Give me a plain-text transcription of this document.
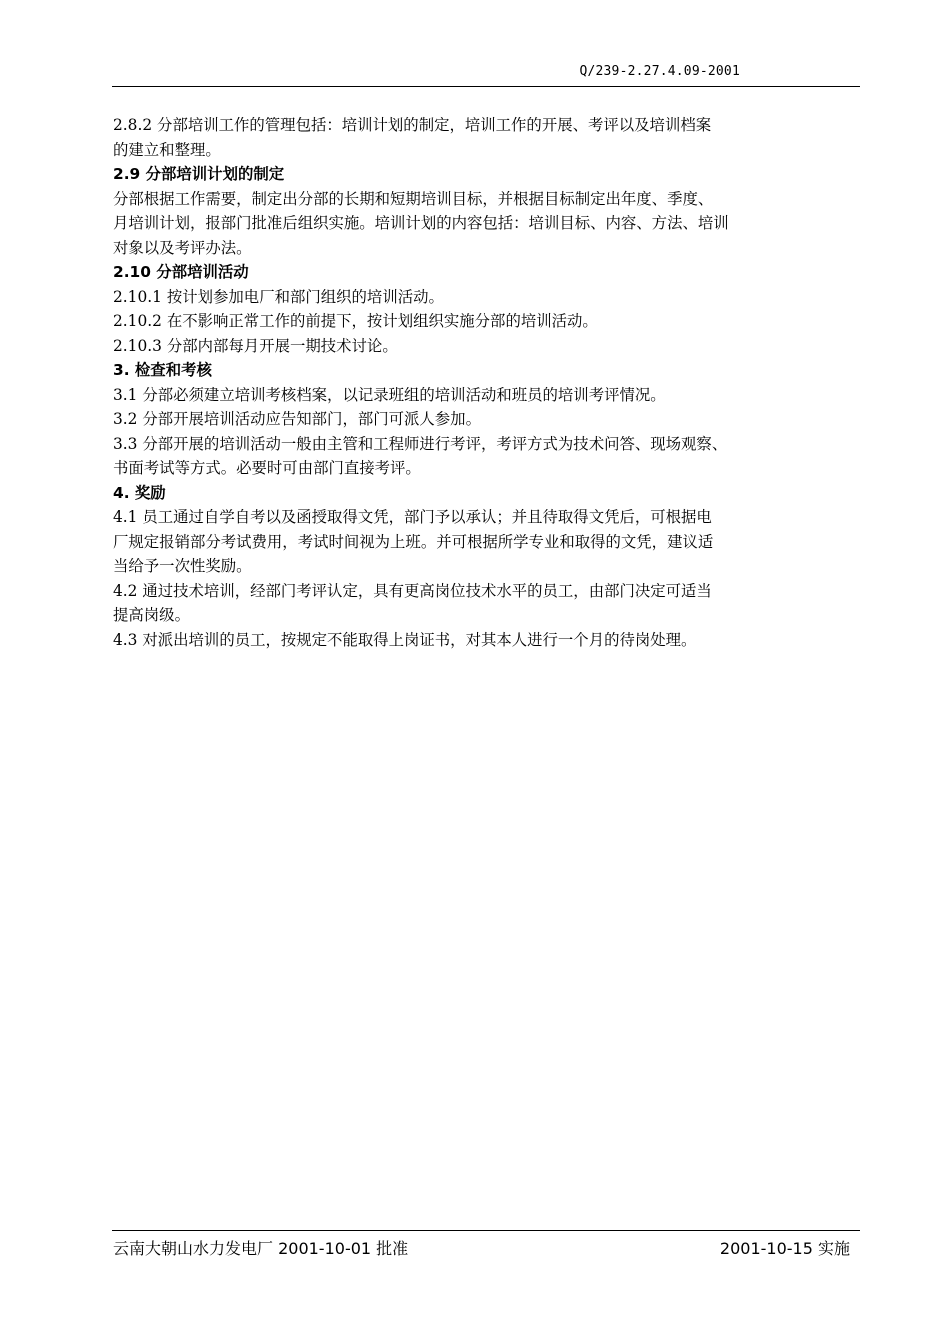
Q/239-2.27.4.09-2001
2.8.2 分部培训工作的管理包括：培训计划的制定，培训工作的开展、考评以及培训档案
的建立和整理。
2.9 分部培训计划的制定
分部根据工作需要，制定出分部的长期和短期培训目标，并根据目标制定出年度、季度、
月培训计划，报部门批准后组织实施。培训计划的内容包括：培训目标、内容、方法、培训
对象以及考评办法。
2.10 分部培训活动
2.10.1 按计划参加电厂和部门组织的培训活动。
2.10.2 在不影响正常工作的前提下，按计划组织实施分部的培训活动。
2.10.3 分部内部每月开展一期技术讨论。
3. 检查和考核
3.1 分部必须建立培训考核档案，以记录班组的培训活动和班员的培训考评情况。
3.2 分部开展培训活动应告知部门，部门可派人参加。
3.3 分部开展的培训活动一般由主管和工程师进行考评，考评方式为技术问答、现场观察、
书面考试等方式。必要时可由部门直接考评。
4. 奖励
4.1 员工通过自学自考以及函授取得文凭，部门予以承认；并且待取得文凭后，可根据电
厂规定报销部分考试费用，考试时间视为上班。并可根据所学专业和取得的文凭，建议适
当给予一次性奖励。
4.2 通过技术培训，经部门考评认定，具有更高岗位技术水平的员工，由部门决定可适当
提高岗级。
4.3 对派出培训的员工，按规定不能取得上岗证书，对其本人进行一个月的待岗处理。
云南大朝山水力发电厂 2001-10-01 批准	2001-10-15 实施
